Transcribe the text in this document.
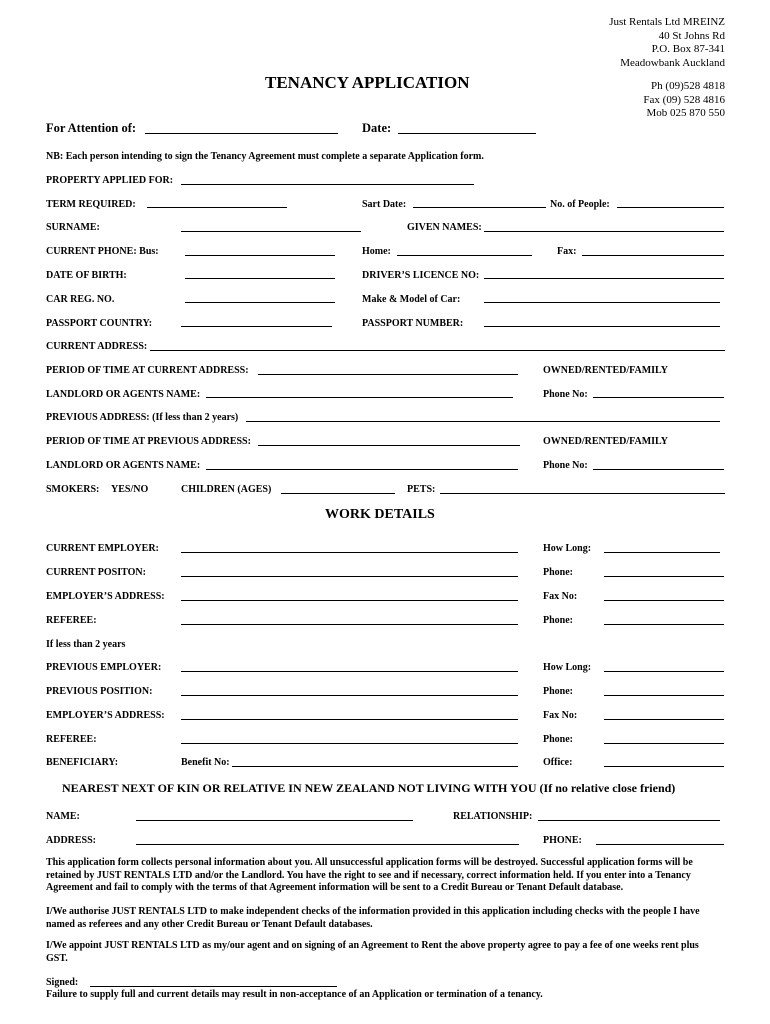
Just Rentals Ltd MREINZ
40 St Johns Rd
P.O. Box 87-341
Meadowbank Auckland
Ph (09)528 4818
Fax (09) 528 4816
Mob 025 870 550
TENANCY APPLICATION
For Attention of:	Date:
NB: Each person intending to sign the Tenancy Agreement must complete a separate Application form.
PROPERTY APPLIED FOR:
TERM REQUIRED:	Sart Date:	No. of People:
SURNAME:	GIVEN NAMES:
CURRENT PHONE: Bus:	Home:	Fax:
DATE OF BIRTH:	DRIVER’S LICENCE NO:
CAR REG. NO.	Make & Model of Car:
PASSPORT COUNTRY:	PASSPORT NUMBER:
CURRENT ADDRESS:
PERIOD OF TIME AT CURRENT ADDRESS:	OWNED/RENTED/FAMILY
LANDLORD OR AGENTS NAME:	Phone No:
PREVIOUS ADDRESS: (If less than 2 years)
PERIOD OF TIME AT PREVIOUS ADDRESS:	OWNED/RENTED/FAMILY
LANDLORD OR AGENTS NAME:	Phone No:
SMOKERS: YES/NO	CHILDREN (AGES)	PETS:
WORK DETAILS
CURRENT EMPLOYER:	How Long:
CURRENT POSITON:	Phone:
EMPLOYER’S ADDRESS:	Fax No:
REFEREE:	Phone:
If less than 2 years
PREVIOUS EMPLOYER:	How Long:
PREVIOUS POSITION:	Phone:
EMPLOYER’S ADDRESS:	Fax No:
REFEREE:	Phone:
BENEFICIARY:	Benefit No:	Office:
NEAREST NEXT OF KIN OR RELATIVE IN NEW ZEALAND NOT LIVING WITH YOU (If no relative close friend)
NAME:	RELATIONSHIP:
ADDRESS:	PHONE:
This application form collects personal information about you. All unsuccessful application forms will be destroyed. Successful application forms will be retained by JUST RENTALS LTD and/or the Landlord. You have the right to see and if necessary, correct information held. If you enter into a Tenancy Agreement and fail to comply with the terms of that Agreement information will be sent to a Credit Bureau or Tenant Default database.
I/We authorise JUST RENTALS LTD to make independent checks of the information provided in this application including checks with the people I have named as referees and any other Credit Bureau or Tenant Default databases.
I/We appoint JUST RENTALS LTD as my/our agent and on signing of an Agreement to Rent the above property agree to pay a fee of one weeks rent plus GST.
Signed:
Failure to supply full and current details may result in non-acceptance of an Application or termination of a tenancy.
